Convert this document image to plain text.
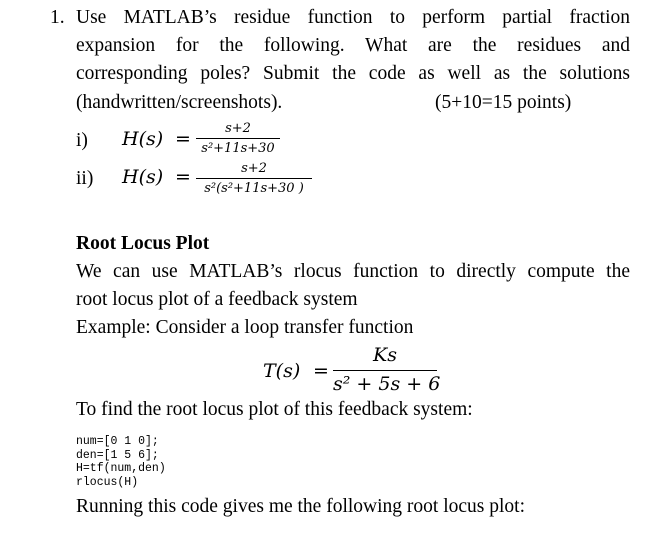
1. Use MATLAB’s residue function to perform partial fraction
expansion for the following. What are the residues and
corresponding poles? Submit the code as well as the solutions
(handwritten/screenshots).	(5+10=15 points)
i) H(s) =	s+2
s²+11s+30
ii) H(s) =	s+2
s²(s²+11s+30 )
Root Locus Plot
We can use MATLAB’s rlocus function to directly compute the
root locus plot of a feedback system
Example: Consider a loop transfer function
T(s) =
Ks
s² + 5s + 6
To find the root locus plot of this feedback system:
num=[0 1 0];
den=[1 5 6];
H=tf(num,den)
rlocus(H)
Running this code gives me the following root locus plot:
